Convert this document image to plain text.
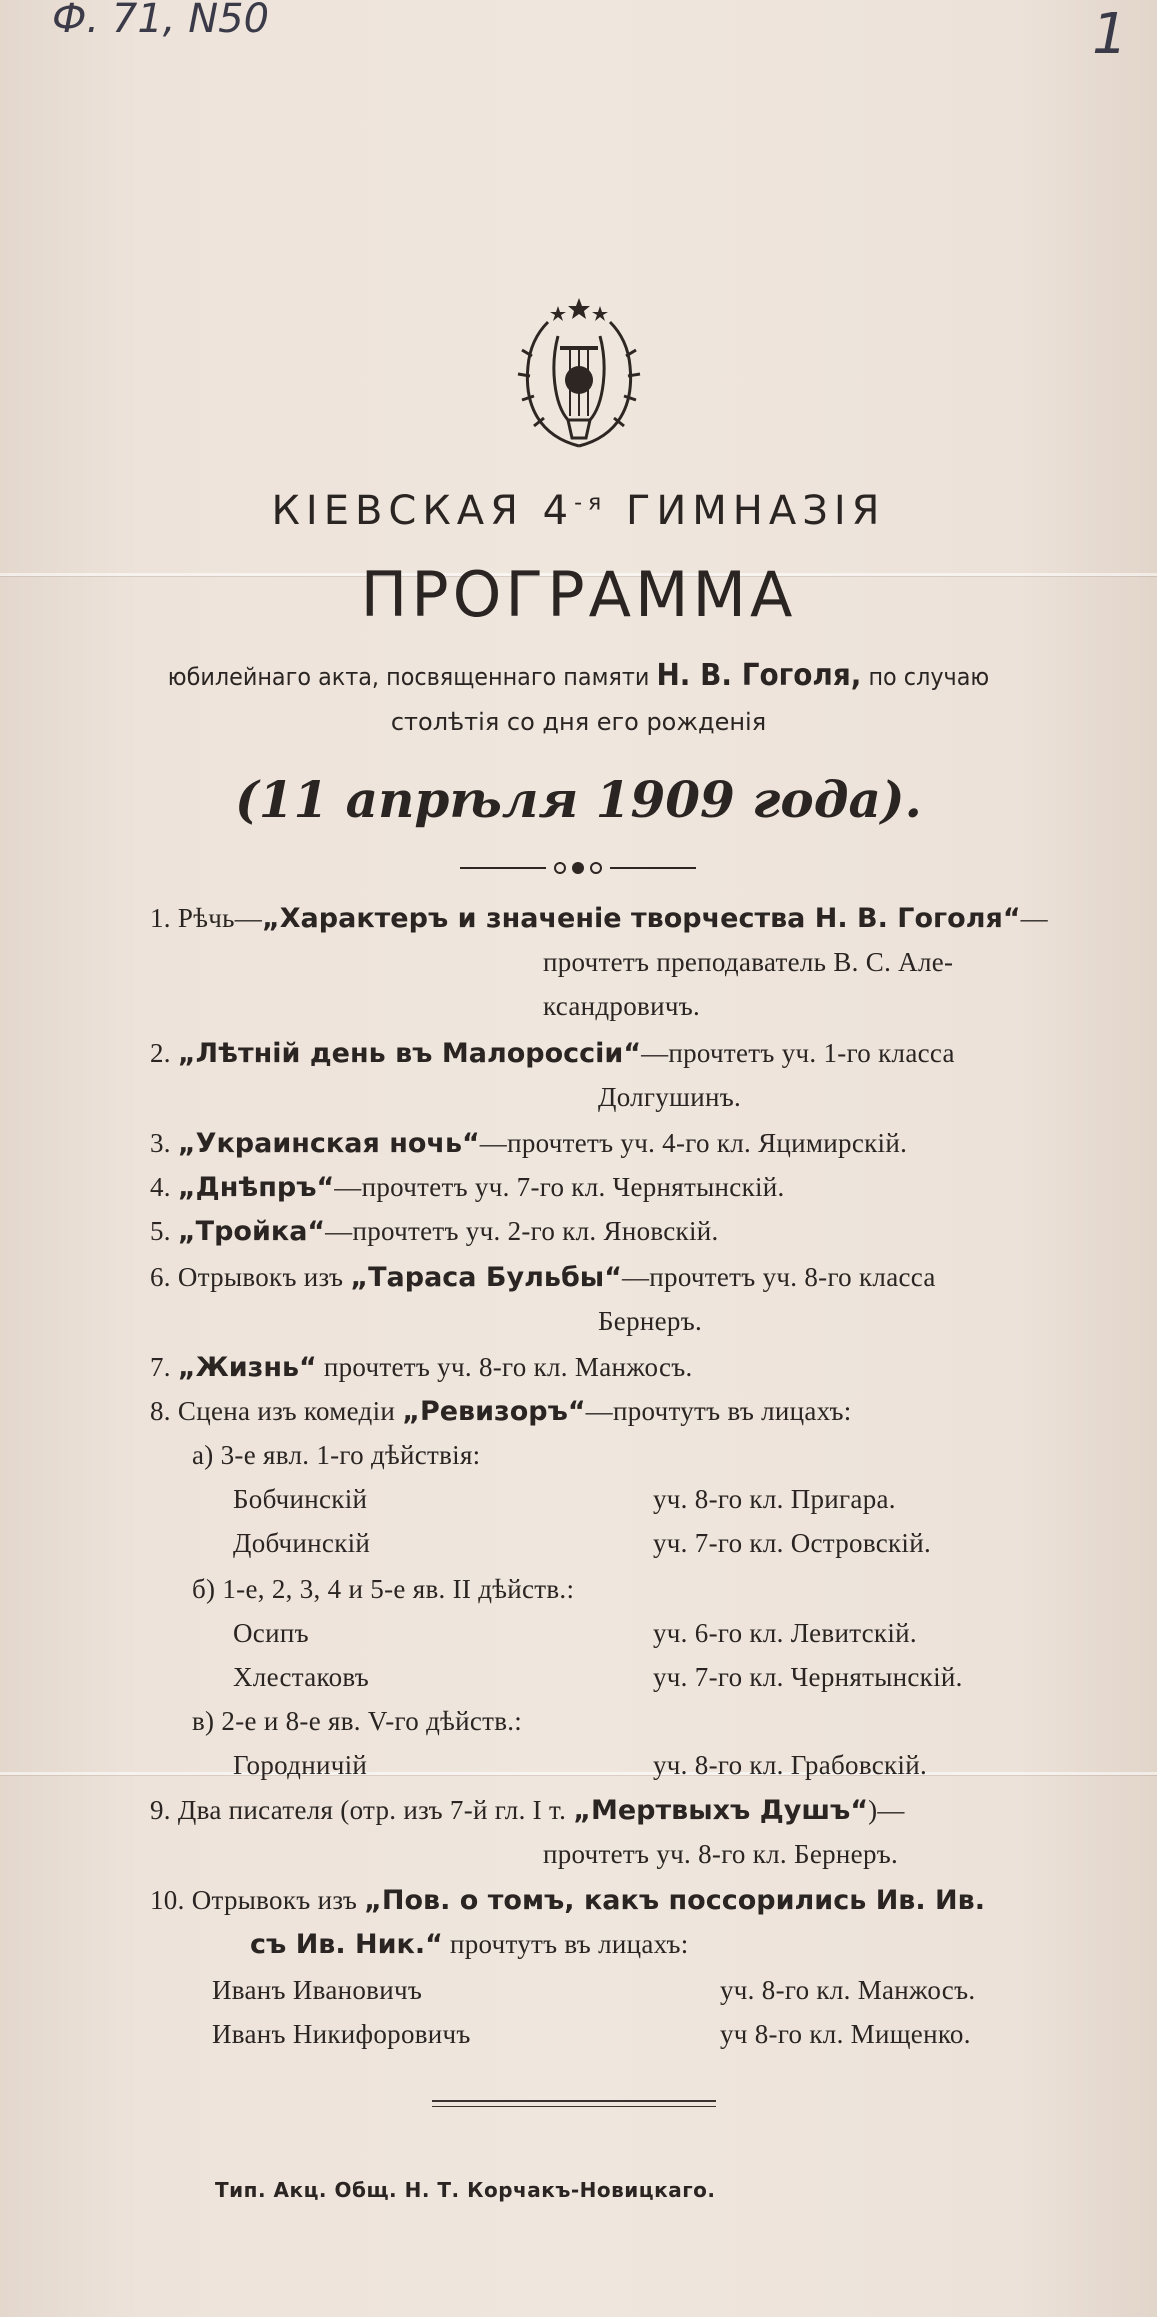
Ф. 71, N50	1
КІЕВСКАЯ $4^{-я}$ ГИМНАЗІЯ
ПРОГРАММА
юбилейнаго акта, посвященнаго памяти Н. В. Гоголя, по случаю
столѣтія со дня его рожденія
(11 апрѣля 1909 года).
1. Рѣчь—„Характеръ и значеніе творчества Н. В. Гоголя“—
прочтетъ преподаватель В. С. Але-
ксандровичъ.
2. „Лѣтній день въ Малороссіи“—прочтетъ уч. 1-го класса
Долгушинъ.
3. „Украинская ночь“—прочтетъ уч. 4-го кл. Яцимирскій.
4. „Днѣпръ“—прочтетъ уч. 7-го кл. Чернятынскій.
5. „Тройка“—прочтетъ уч. 2-го кл. Яновскій.
6. Отрывокъ изъ „Тараса Бульбы“—прочтетъ уч. 8-го класса
Бернеръ.
7. „Жизнь“ прочтетъ уч. 8-го кл. Манжосъ.
8. Сцена изъ комедіи „Ревизоръ“—прочтутъ въ лицахъ:
а) 3-е явл. 1-го дѣйствія:
Бобчинскій	уч. 8-го кл. Пригара.
Добчинскій	уч. 7-го кл. Островскій.
б) 1-е, 2, 3, 4 и 5-е яв. II дѣйств.:
Осипъ	уч. 6-го кл. Левитскій.
Хлестаковъ	уч. 7-го кл. Чернятынскій.
в) 2-е и 8-е яв. V-го дѣйств.:
Городничій	уч. 8-го кл. Грабовскій.
9. Два писателя (отр. изъ 7-й гл. I т. „Мертвыхъ Душъ“)—
прочтетъ уч. 8-го кл. Бернеръ.
10. Отрывокъ изъ „Пов. о томъ, какъ поссорились Ив. Ив.
съ Ив. Ник.“ прочтутъ въ лицахъ:
Иванъ Ивановичъ	уч. 8-го кл. Манжосъ.
Иванъ Никифоровичъ	уч 8-го кл. Мищенко.
Тип. Акц. Общ. Н. Т. Корчакъ-Новицкаго.
